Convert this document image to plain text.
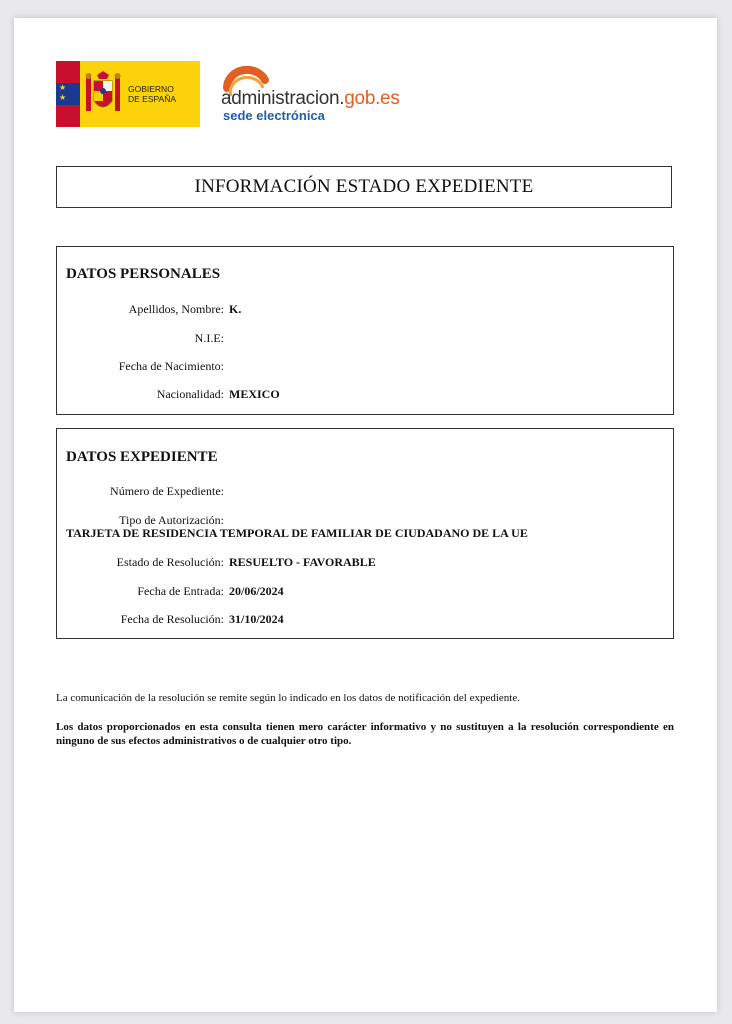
★
★
GOBIERNO
DE ESPAÑA administracion.gob.es
sede electrónica
INFORMACIÓN ESTADO EXPEDIENTE
DATOS PERSONALES
Apellidos, Nombre: K.
N.I.E:
Fecha de Nacimiento:
Nacionalidad: MEXICO
DATOS EXPEDIENTE
Número de Expediente:
Tipo de Autorización:
TARJETA DE RESIDENCIA TEMPORAL DE FAMILIAR DE CIUDADANO DE LA UE
Estado de Resolución: RESUELTO - FAVORABLE
Fecha de Entrada: 20/06/2024
Fecha de Resolución: 31/10/2024
La comunicación de la resolución se remite según lo indicado en los datos de notificación del expediente.
Los datos proporcionados en esta consulta tienen mero carácter informativo y no sustituyen a la resolución correspondiente en ninguno de sus efectos administrativos o de cualquier otro tipo.
